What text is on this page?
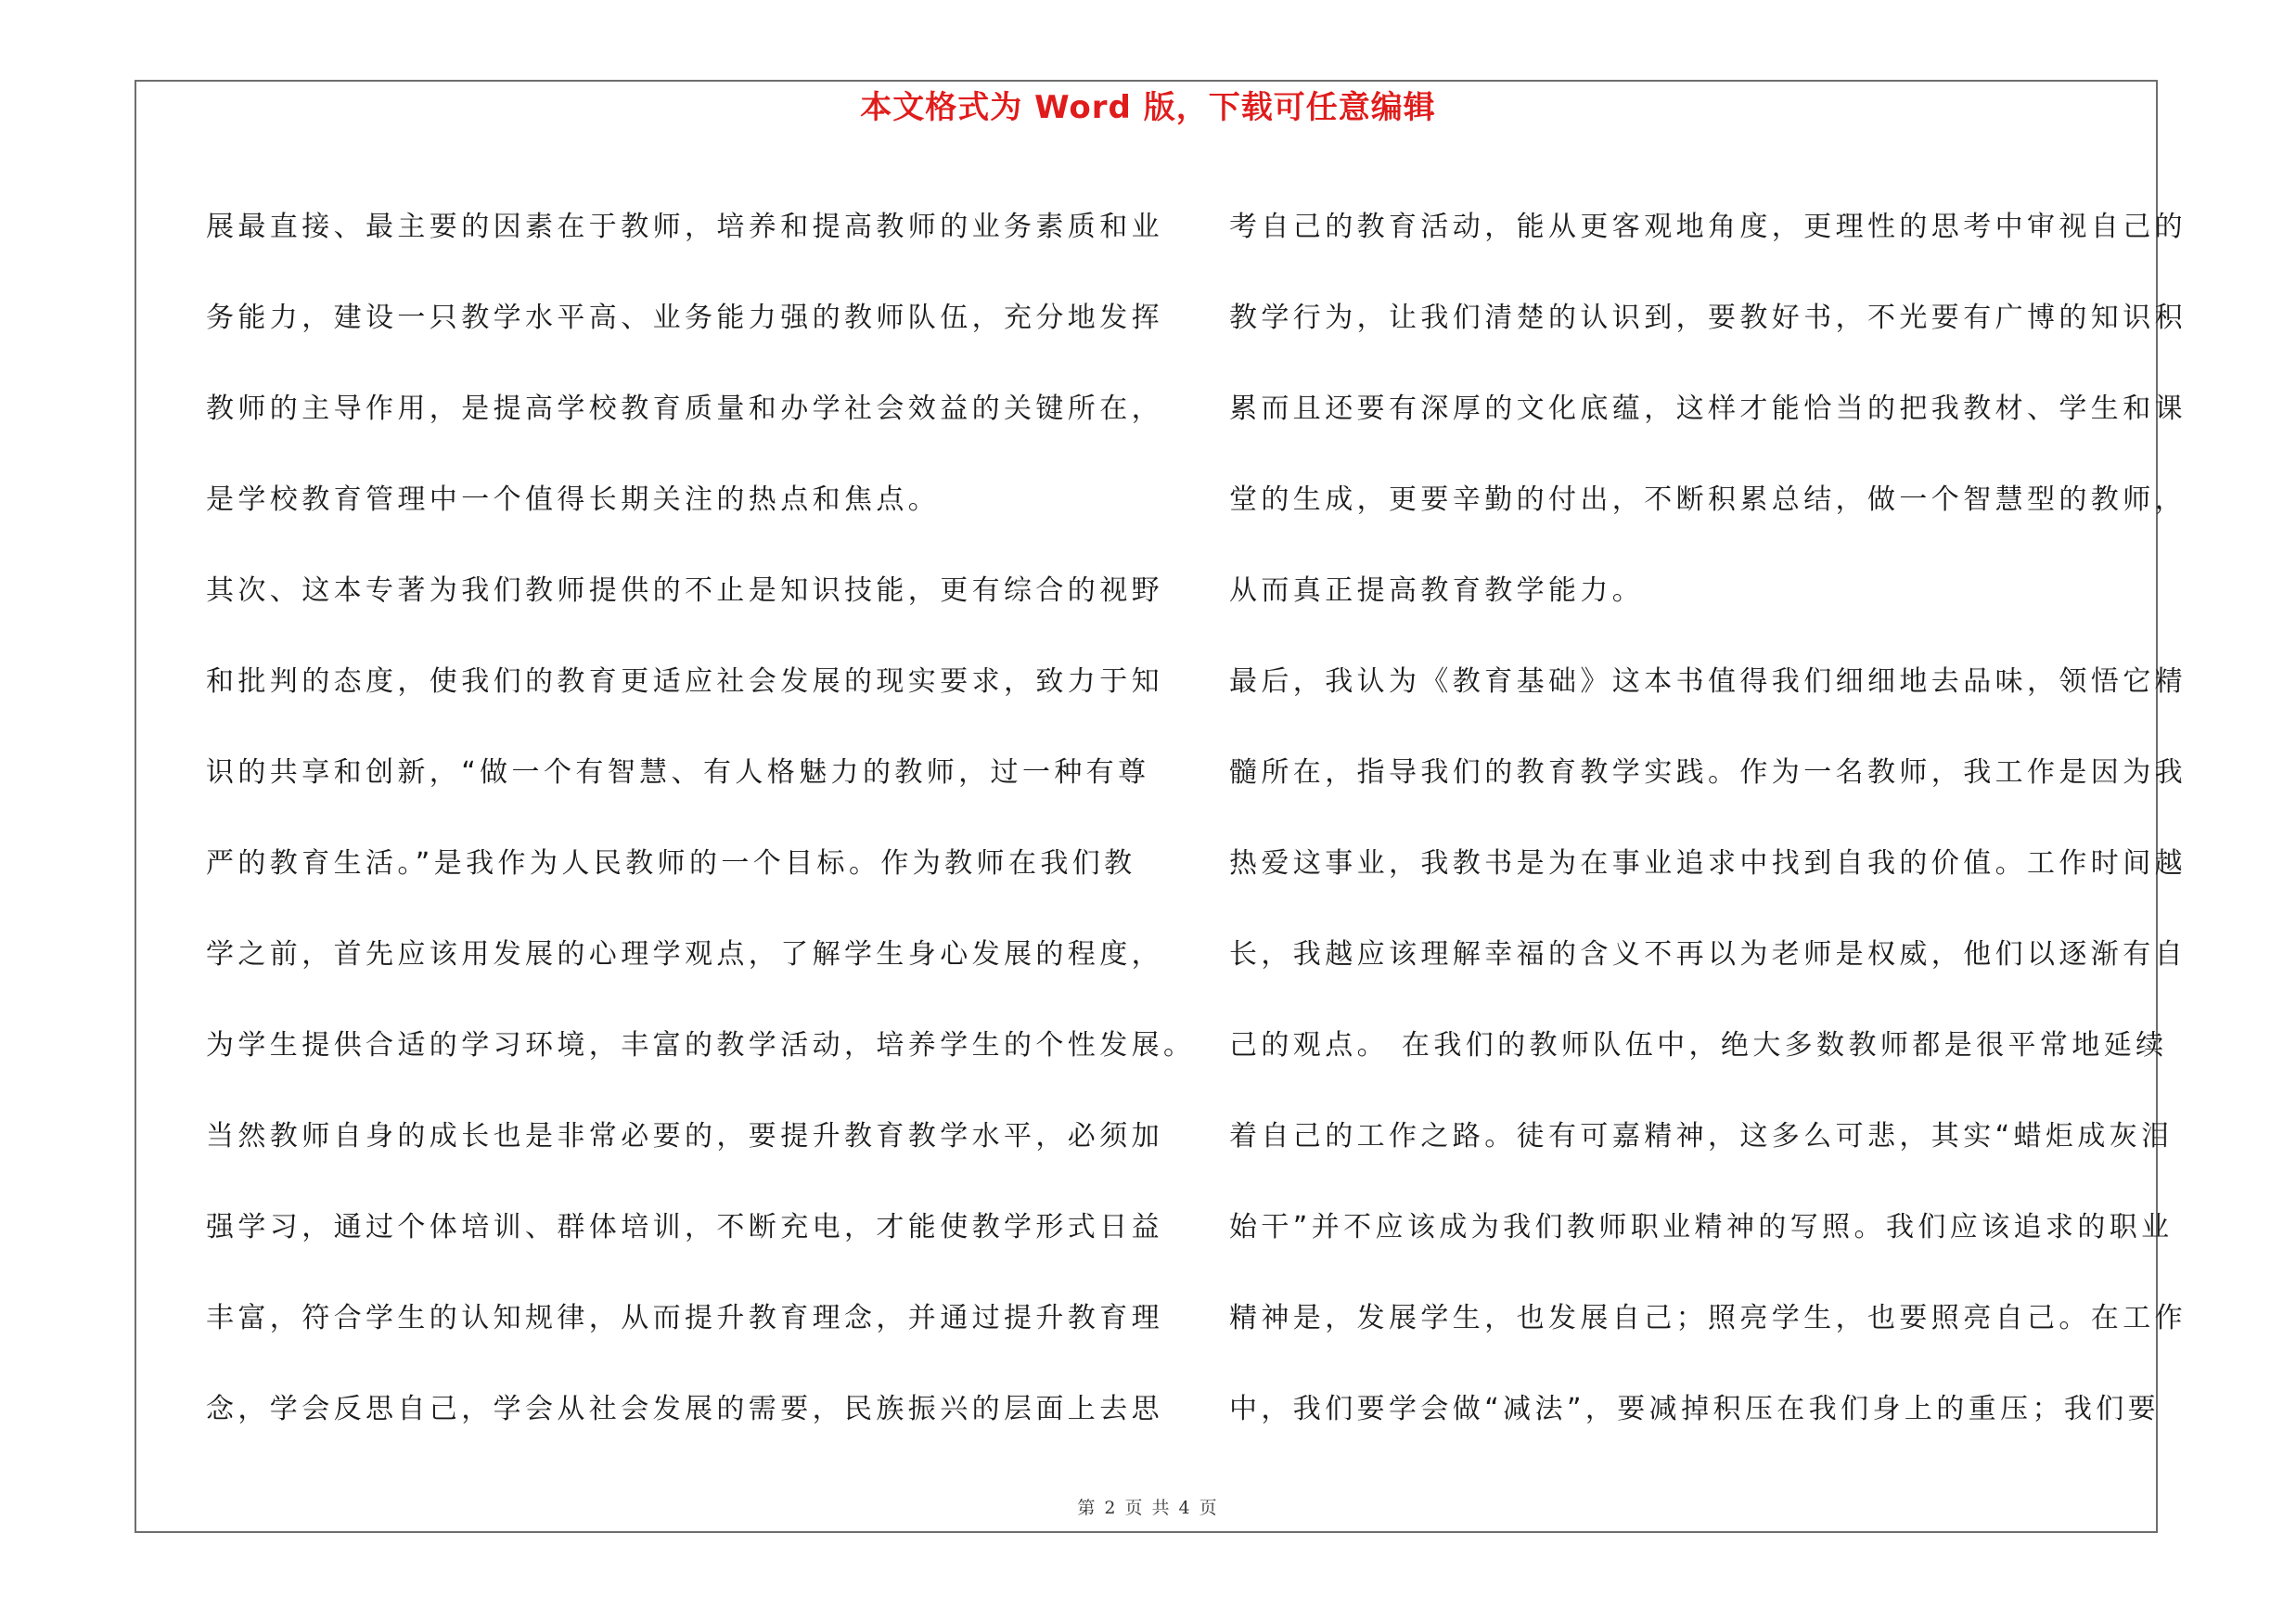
本文格式为 Word 版，下载可任意编辑
展最直接、最主要的因素在于教师，培养和提高教师的业务素质和业
务能力，建设一只教学水平高、业务能力强的教师队伍，充分地发挥
教师的主导作用，是提高学校教育质量和办学社会效益的关键所在，
是学校教育管理中一个值得长期关注的热点和焦点。
其次、这本专著为我们教师提供的不止是知识技能，更有综合的视野
和批判的态度，使我们的教育更适应社会发展的现实要求，致力于知
识的共享和创新，“做一个有智慧、有人格魅力的教师，过一种有尊
严的教育生活。”是我作为人民教师的一个目标。作为教师在我们教
学之前，首先应该用发展的心理学观点，了解学生身心发展的程度，
为学生提供合适的学习环境，丰富的教学活动，培养学生的个性发展。
当然教师自身的成长也是非常必要的，要提升教育教学水平，必须加
强学习，通过个体培训、群体培训，不断充电，才能使教学形式日益
丰富，符合学生的认知规律，从而提升教育理念，并通过提升教育理
念，学会反思自己，学会从社会发展的需要，民族振兴的层面上去思
考自己的教育活动，能从更客观地角度，更理性的思考中审视自己的
教学行为，让我们清楚的认识到，要教好书，不光要有广博的知识积
累而且还要有深厚的文化底蕴，这样才能恰当的把我教材、学生和课
堂的生成，更要辛勤的付出，不断积累总结，做一个智慧型的教师，
从而真正提高教育教学能力。
最后，我认为《教育基础》这本书值得我们细细地去品味，领悟它精
髓所在，指导我们的教育教学实践。作为一名教师，我工作是因为我
热爱这事业，我教书是为在事业追求中找到自我的价值。工作时间越
长，我越应该理解幸福的含义不再以为老师是权威，他们以逐渐有自
己的观点。 在我们的教师队伍中，绝大多数教师都是很平常地延续
着自己的工作之路。徒有可嘉精神，这多么可悲，其实“蜡炬成灰泪
始干”并不应该成为我们教师职业精神的写照。我们应该追求的职业
精神是，发展学生，也发展自己；照亮学生，也要照亮自己。在工作
中，我们要学会做“减法”，要减掉积压在我们身上的重压；我们要
第 2 页 共 4 页
